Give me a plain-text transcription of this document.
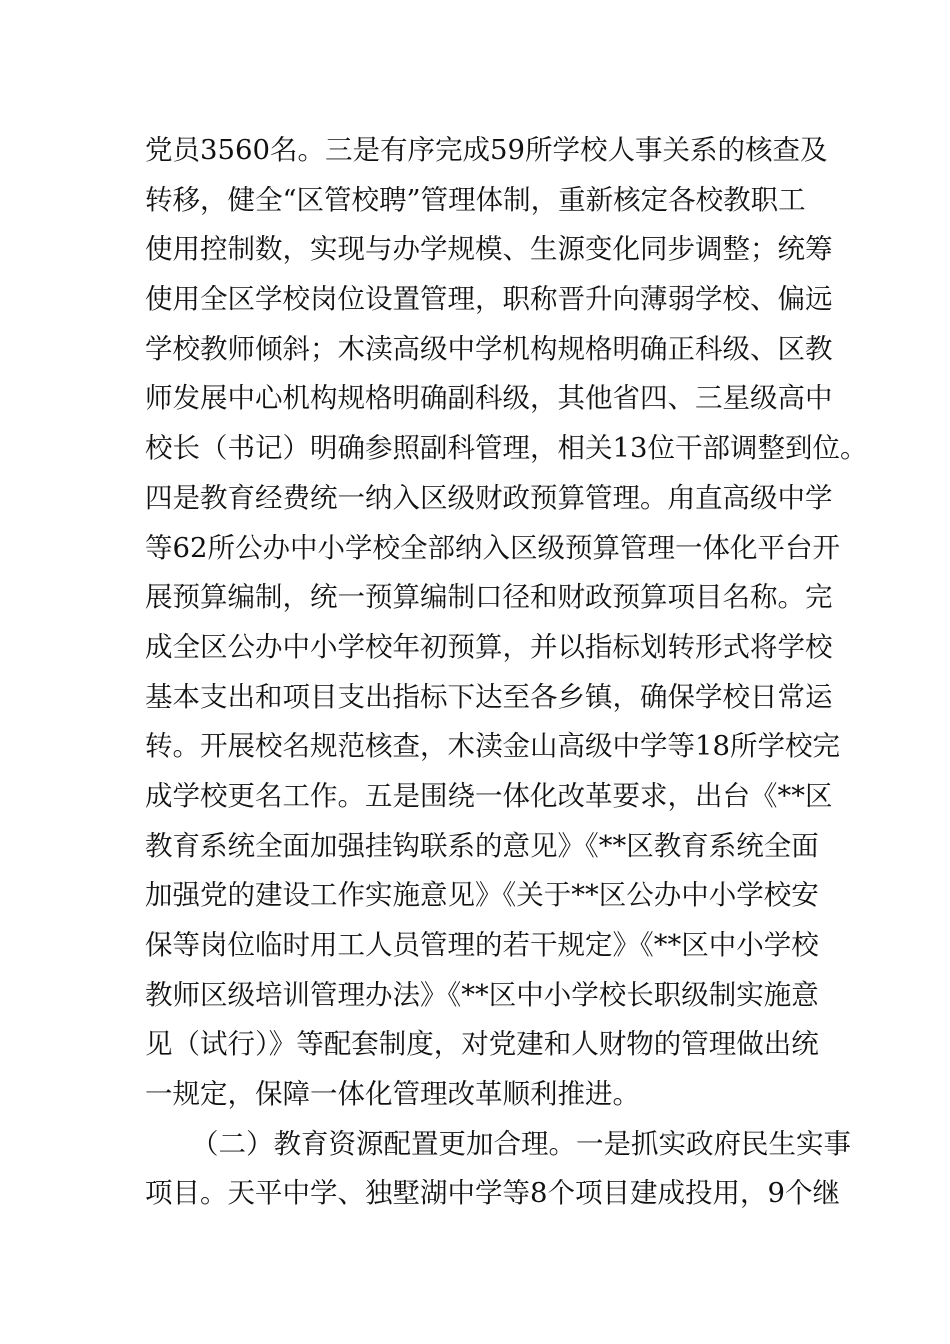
党员3560名。三是有序完成59所学校人事关系的核查及
转移，健全“区管校聘”管理体制，重新核定各校教职工
使用控制数，实现与办学规模、生源变化同步调整；统筹
使用全区学校岗位设置管理，职称晋升向薄弱学校、偏远
学校教师倾斜；木渎高级中学机构规格明确正科级、区教
师发展中心机构规格明确副科级，其他省四、三星级高中
校长（书记）明确参照副科管理，相关13位干部调整到位。
四是教育经费统一纳入区级财政预算管理。甪直高级中学
等62所公办中小学校全部纳入区级预算管理一体化平台开
展预算编制，统一预算编制口径和财政预算项目名称。完
成全区公办中小学校年初预算，并以指标划转形式将学校
基本支出和项目支出指标下达至各乡镇，确保学校日常运
转。开展校名规范核查，木渎金山高级中学等18所学校完
成学校更名工作。五是围绕一体化改革要求，出台《**区
教育系统全面加强挂钩联系的意见》《**区教育系统全面
加强党的建设工作实施意见》《关于**区公办中小学校安
保等岗位临时用工人员管理的若干规定》《**区中小学校
教师区级培训管理办法》《**区中小学校长职级制实施意
见（试行）》等配套制度，对党建和人财物的管理做出统
一规定，保障一体化管理改革顺利推进。
（二）教育资源配置更加合理。一是抓实政府民生实事
项目。天平中学、独墅湖中学等8个项目建成投用，9个继
